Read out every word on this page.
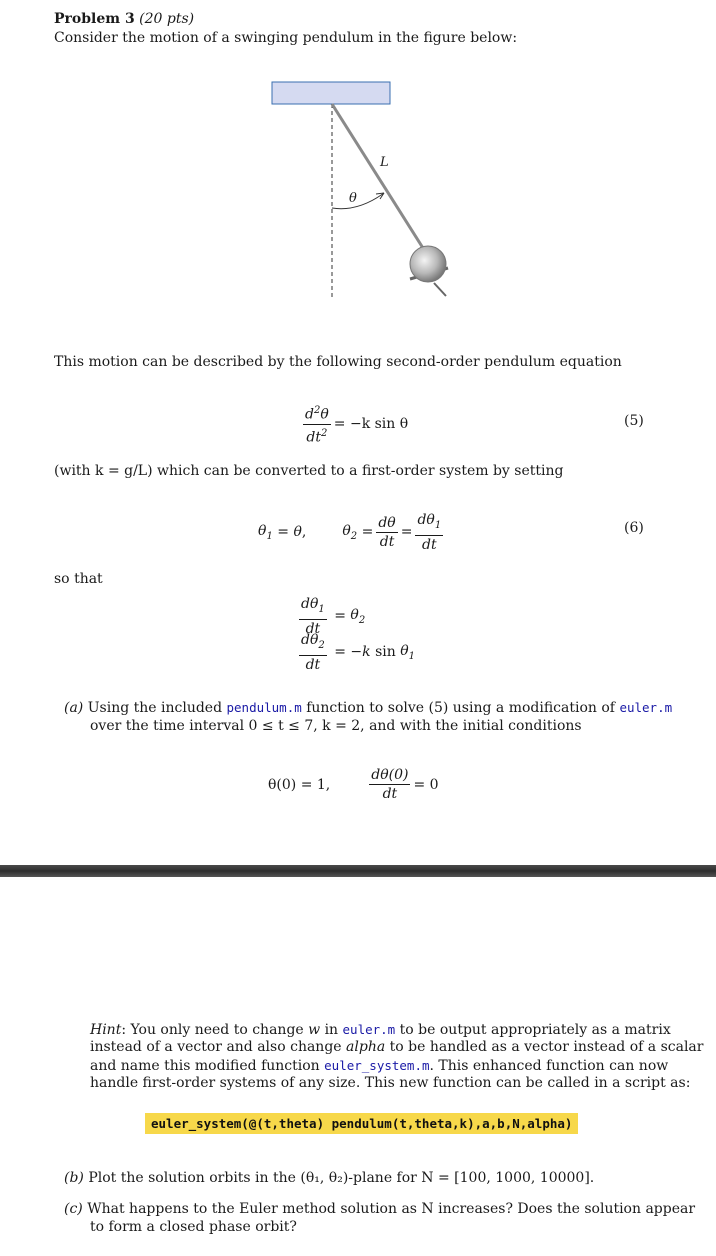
Problem 3 (20 pts)
Consider the motion of a swinging pendulum in the figure below:
L
θ
This motion can be described by the following second-order pendulum equation
$\frac{d^2\theta}{dt^2} = -k$ sin θ	(5)
(with k = g/L) which can be converted to a first-order system by setting
$\theta_1 = \theta$ ,	$\theta_2 = \frac{d\theta}{dt} = \frac{d\theta_1}{dt}$	(6)
so that
$\frac{d\theta_1}{dt} = \theta_2$
$\frac{d\theta_2}{dt}$ = − k $\sin \theta_1$
(a) Using the included pendulum.m function to solve (5) using a modification of euler.m
over the time interval 0 ≤ t ≤ 7, k = 2, and with the initial conditions
θ(0) = 1,	$\frac{d\theta(0)}{dt} = 0$
Hint: You only need to change w in euler.m to be output appropriately as a matrix
instead of a vector and also change alpha to be handled as a vector instead of a scalar
and name this modified function euler_system.m. This enhanced function can now
handle first-order systems of any size. This new function can be called in a script as:
euler_system(@(t,theta) pendulum(t,theta,k),a,b,N,alpha)
(b) Plot the solution orbits in the (θ₁, θ₂)-plane for N = [100, 1000, 10000].
(c) What happens to the Euler method solution as N increases? Does the solution appear
to form a closed phase orbit?
